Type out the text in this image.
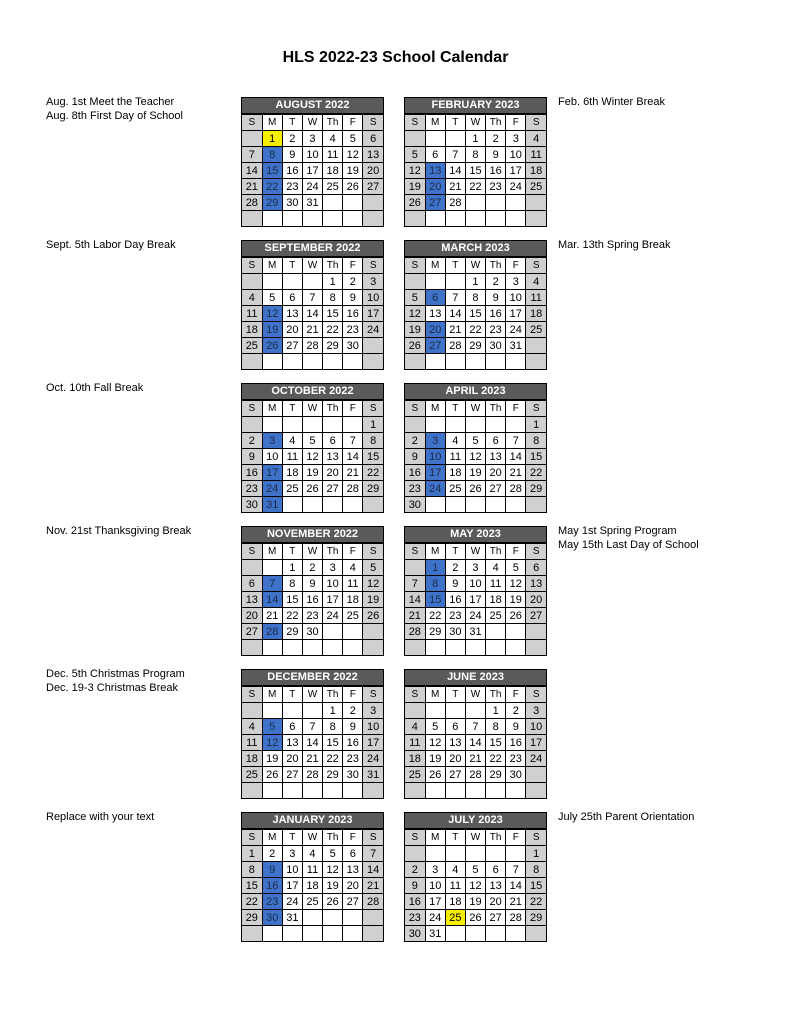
HLS 2022-23 School Calendar
AUGUST 2022
S	M	T	W	Th	F	S
	1	2	3	4	5	6
7	8	9	10	11	12	13
14	15	16	17	18	19	20
21	22	23	24	25	26	27
28	29	30	31			

SEPTEMBER 2022
S	M	T	W	Th	F	S
				1	2	3
4	5	6	7	8	9	10
11	12	13	14	15	16	17
18	19	20	21	22	23	24
25	26	27	28	29	30	

OCTOBER 2022
S	M	T	W	Th	F	S
						1
2	3	4	5	6	7	8
9	10	11	12	13	14	15
16	17	18	19	20	21	22
23	24	25	26	27	28	29
30	31					
NOVEMBER 2022
S	M	T	W	Th	F	S
		1	2	3	4	5
6	7	8	9	10	11	12
13	14	15	16	17	18	19
20	21	22	23	24	25	26
27	28	29	30			

DECEMBER 2022
S	M	T	W	Th	F	S
				1	2	3
4	5	6	7	8	9	10
11	12	13	14	15	16	17
18	19	20	21	22	23	24
25	26	27	28	29	30	31

JANUARY 2023
S	M	T	W	Th	F	S
1	2	3	4	5	6	7
8	9	10	11	12	13	14
15	16	17	18	19	20	21
22	23	24	25	26	27	28
29	30	31				

FEBRUARY 2023
S	M	T	W	Th	F	S
			1	2	3	4
5	6	7	8	9	10	11
12	13	14	15	16	17	18
19	20	21	22	23	24	25
26	27	28				

MARCH 2023
S	M	T	W	Th	F	S
			1	2	3	4
5	6	7	8	9	10	11
12	13	14	15	16	17	18
19	20	21	22	23	24	25
26	27	28	29	30	31	

APRIL 2023
S	M	T	W	Th	F	S
						1
2	3	4	5	6	7	8
9	10	11	12	13	14	15
16	17	18	19	20	21	22
23	24	25	26	27	28	29
30						
MAY 2023
S	M	T	W	Th	F	S
	1	2	3	4	5	6
7	8	9	10	11	12	13
14	15	16	17	18	19	20
21	22	23	24	25	26	27
28	29	30	31			

JUNE 2023
S	M	T	W	Th	F	S
				1	2	3
4	5	6	7	8	9	10
11	12	13	14	15	16	17
18	19	20	21	22	23	24
25	26	27	28	29	30	

JULY 2023
S	M	T	W	Th	F	S
						1
2	3	4	5	6	7	8
9	10	11	12	13	14	15
16	17	18	19	20	21	22
23	24	25	26	27	28	29
30	31					
Aug. 1st Meet the Teacher
Aug. 8th First Day of School
Sept. 5th Labor Day Break
Oct. 10th Fall Break
Nov. 21st Thanksgiving Break
Dec. 5th Christmas Program
Dec. 19-3 Christmas Break
Replace with your text
Feb. 6th Winter Break
Mar. 13th Spring Break
May 1st Spring Program
May 15th Last Day of School
July 25th Parent Orientation
